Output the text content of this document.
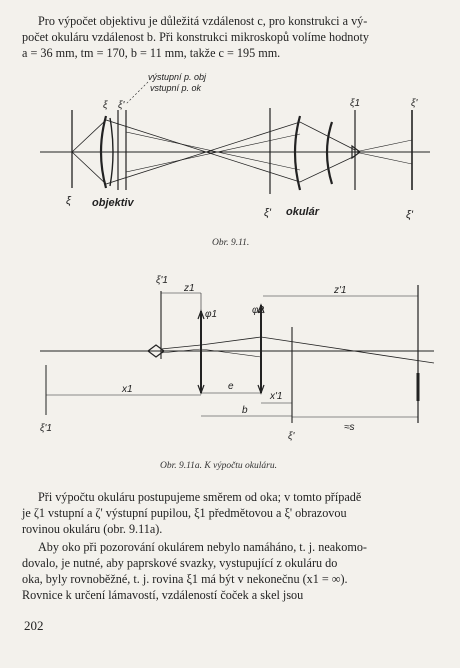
Pro výpočet objektivu je důležitá vzdálenost c, pro konstrukci a vý-
počet okuláru vzdálenost b. Při konstrukci mikroskopů volíme hodnoty
a = 36 mm, tm = 170, b = 11 mm, takže c = 195 mm.
výstupní p. obj
vstupní p. ok
ξ ξ'	ξ1	ξ'
ξ objektiv
ξ' okulár	ξ'
Obr. 9.11.
ξ'1
z1	z'1
φ1	φ2
x1	e
x'1
b
ξ'1
ξ'
≈s
Obr. 9.11a. K výpočtu okuláru.
Při výpočtu okuláru postupujeme směrem od oka; v tomto případě
je ζ1 vstupní a ζ' výstupní pupilou, ξ1 předmětovou a ξ' obrazovou
rovinou okuláru (obr. 9.11a).
Aby oko při pozorování okulárem nebylo namáháno, t. j. neakomo-
dovalo, je nutné, aby paprskové svazky, vystupující z okuláru do
oka, byly rovnoběžné, t. j. rovina ξ1 má být v nekonečnu (x1 = ∞).
Rovnice k určení lámavostí, vzdáleností čoček a skel jsou
202
